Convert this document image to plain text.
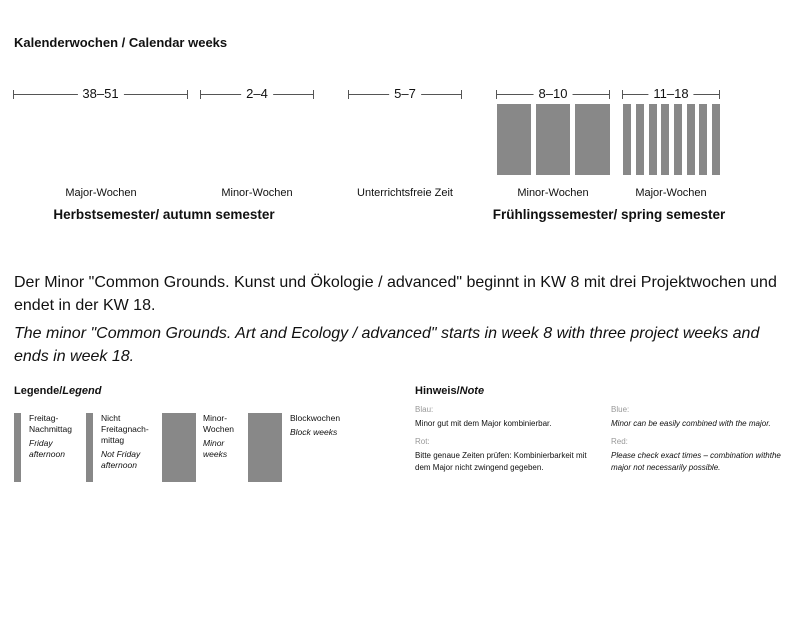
Kalenderwochen / Calendar weeks
38–51	2–4	5–7	8–10	11–18
Major-Wochen	Minor-Wochen	Unterrichtsfreie Zeit	Minor-Wochen	Major-Wochen
Herbstsemester/ autumn semester	Frühlingssemester/ spring semester
Der Minor "Common Grounds. Kunst und Ökologie / advanced" beginnt in KW 8 mit drei Projektwochen und endet in der KW 18.
The minor "Common Grounds. Art and Ecology / advanced" starts in week 8 with three project weeks and ends in week 18.
Legende/Legend
Freitag-Nachmittag
Friday afternoon
Nicht Freitagnach-mittag
Not Friday afternoon
Minor-Wochen
Minor weeks
Blockwochen
Block weeks
Hinweis/Note
Blau:
Minor gut mit dem Major kombinierbar.
Rot:
Bitte genaue Zeiten prüfen: Kombinierbarkeit mit dem Major nicht zwingend gegeben.
Blue:
Minor can be easily combined with the major.
Red:
Please check exact times – combination withthe major not necessarily possible.
